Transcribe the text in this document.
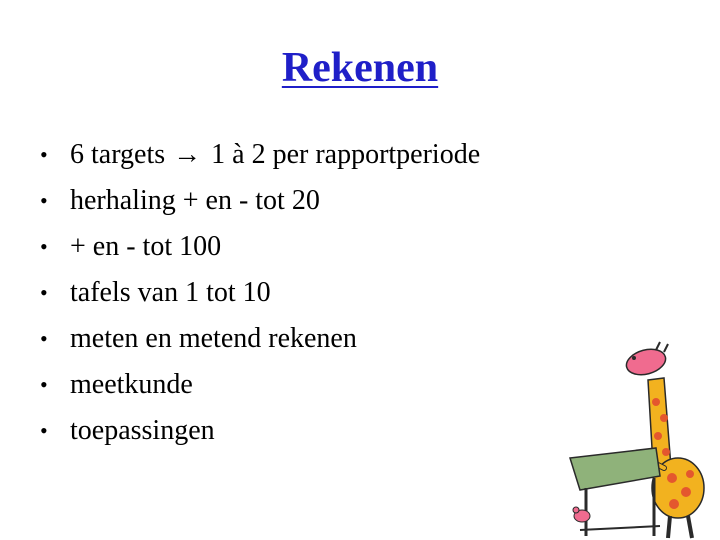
Rekenen
• 6 targets → 1 à 2 per rapportperiode
• herhaling + en - tot 20
• + en - tot 100
• tafels van 1 tot 10
• meten en metend rekenen
• meetkunde
• toepassingen
